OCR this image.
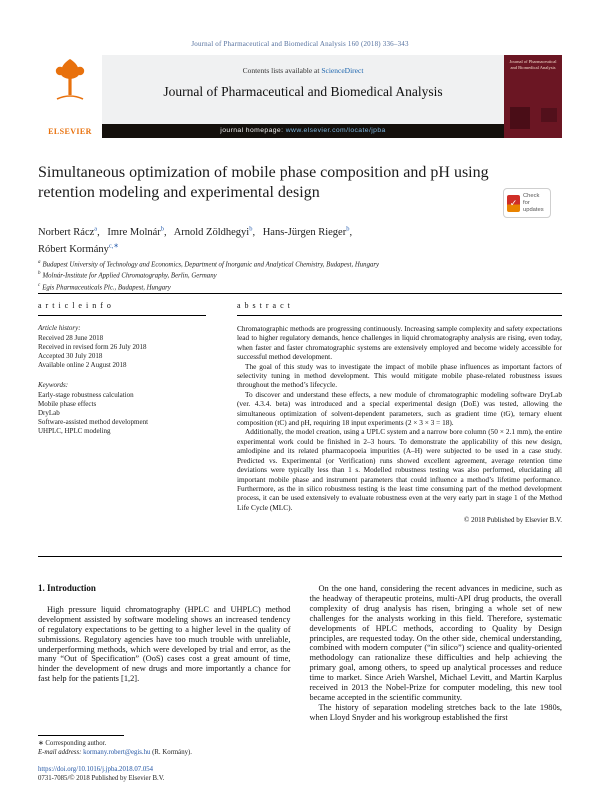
Journal of Pharmaceutical and Biomedical Analysis 160 (2018) 336–343
ELSEVIER
Contents lists available at ScienceDirect
Journal of Pharmaceutical and Biomedical Analysis
journal homepage: www.elsevier.com/locate/jpba
Journal of Pharmaceutical and Biomedical Analysis
Simultaneous optimization of mobile phase composition and pH using retention modeling and experimental design
✓
Check for
updates
Norbert Rácz$^a$, Imre Molnár$^b$, Arnold Zöldhegyi$^b$, Hans-Jürgen Rieger$^b$,
Róbert Kormány$^{c,∗}$
$^a$ Budapest University of Technology and Economics, Department of Inorganic and Analytical Chemistry, Budapest, Hungary
$^b$ Molnár-Institute for Applied Chromatography, Berlin, Germany
$^c$ Egis Pharmaceuticals Plc., Budapest, Hungary
a r t i c l e i n f o
Article history:
Received 28 June 2018
Received in revised form 26 July 2018
Accepted 30 July 2018
Available online 2 August 2018
Keywords:
Early-stage robustness calculation
Mobile phase effects
DryLab
Software-assisted method development
UHPLC, HPLC modeling
a b s t r a c t

Chromatographic methods are progressing continuously. Increasing sample complexity and safety expectations lead to higher regulatory demands, hence challenges in liquid chromatography analysis are rising, even today, when faster and faster chromatographic systems are extensively employed and become widely accessible for successful method development.

The goal of this study was to investigate the impact of mobile phase influences as important factors of selectivity tuning in method development. This would mitigate mobile phase-related robustness issues throughout the method’s lifecycle.

To discover and understand these effects, a new module of chromatographic modeling software DryLab (ver. 4.3.4. beta) was introduced and a special experimental design (DoE) was tested, allowing the simultaneous optimization of solvent-dependent parameters, such as gradient time (tG), ternary eluent composition (tC) and pH, requiring 18 input experiments (2 × 3 × 3 = 18).

Additionally, the model creation, using a UPLC system and a narrow bore column (50 × 2.1 mm), the entire experimental work could be finished in 2–3 hours. To demonstrate the applicability of this new design, amlodipine and its related pharmacopoeia impurities (A–H) were subjected to be used in a case study. Predicted vs. Experimental (or Verification) runs showed excellent agreement, average retention time deviations were typically less than 1 s. Modelled robustness testing was also performed, elucidating all important mobile phase and instrument parameters that could influence a method’s lifetime performance. Furthermore, as the in silico robustness testing is the least time consuming part of the method development process, it can be used extensively to evaluate robustness even at the very early part in stage 1 of the Method Life Cycle (MLC).

© 2018 Published by Elsevier B.V.
1. Introduction

High pressure liquid chromatography (HPLC and UHPLC) method development assisted by software modeling shows an increased tendency of regulatory expectations to be getting to a higher level in the quality of submissions. Regulatory agencies have too much trouble with unreliable, underperforming methods, which were developed by trial and error, as the many “Out of Specification” (OoS) cases cost a great amount of time, hinder the development of new drugs and more importantly a chance for fast help for the patients [1,2].

On the one hand, considering the recent advances in medicine, such as the headway of therapeutic proteins, multi-API drug products, the overall complexity of drug analysis has risen, bringing a whole set of new challenges for the analysts working in this field. Therefore, systematic developments of HPLC methods, according to Quality by Design principles, are requested today. On the other side, chemical understanding, combined with modern computer (“in silico”) science and quality-oriented methodology can rationalize these difficulties and help achieving the primary goal, among others, to speed up analytical processes and reduce time to market. Since Arieh Warshel, Michael Levitt, and Martin Karplus received in 2013 the Nobel-Prize for computer modeling, this new tool became accepted in the scientific community.

The history of separation modeling stretches back to the late 1980s, when Lloyd Snyder and his workgroup established the first

∗ Corresponding author.
E-mail address: kormany.robert@egis.hu (R. Kormány).
https://doi.org/10.1016/j.jpba.2018.07.054
0731-7085/© 2018 Published by Elsevier B.V.
